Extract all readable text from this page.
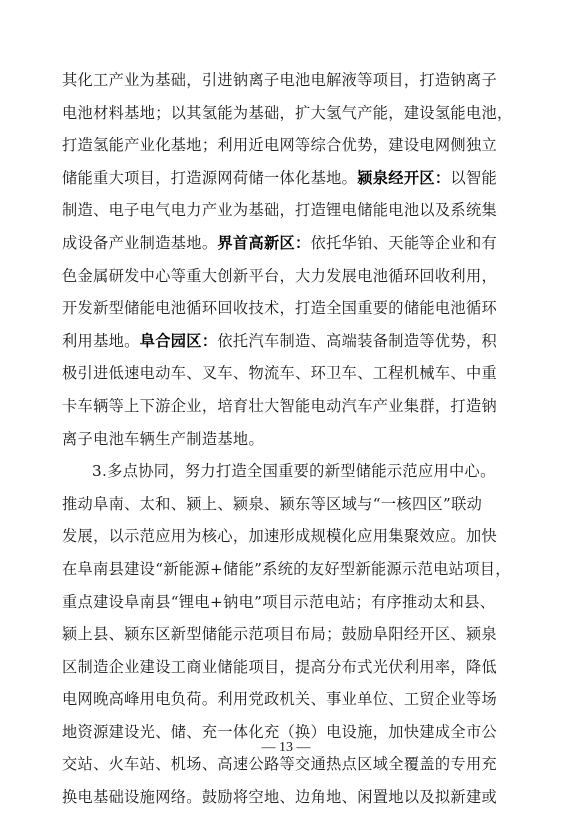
其化工产业为基础，引进钠离子电池电解液等项目，打造钠离子
电池材料基地；以其氢能为基础，扩大氢气产能，建设氢能电池，
打造氢能产业化基地；利用近电网等综合优势，建设电网侧独立
储能重大项目，打造源网荷储一体化基地。颍泉经开区：以智能
制造、电子电气电力产业为基础，打造锂电储能电池以及系统集
成设备产业制造基地。界首高新区：依托华铂、天能等企业和有
色金属研发中心等重大创新平台，大力发展电池循环回收利用，
开发新型储能电池循环回收技术，打造全国重要的储能电池循环
利用基地。阜合园区：依托汽车制造、高端装备制造等优势，积
极引进低速电动车、叉车、物流车、环卫车、工程机械车、中重
卡车辆等上下游企业，培育壮大智能电动汽车产业集群，打造钠
离子电池车辆生产制造基地。
3.多点协同，努力打造全国重要的新型储能示范应用中心。
推动阜南、太和、颍上、颍泉、颍东等区域与“一核四区”联动
发展，以示范应用为核心，加速形成规模化应用集聚效应。加快
在阜南县建设“新能源+储能”系统的友好型新能源示范电站项目，
重点建设阜南县“锂电+钠电”项目示范电站；有序推动太和县、
颍上县、颍东区新型储能示范项目布局；鼓励阜阳经开区、颍泉
区制造企业建设工商业储能项目，提高分布式光伏利用率，降低
电网晚高峰用电负荷。利用党政机关、事业单位、工贸企业等场
地资源建设光、储、充一体化充（换）电设施，加快建成全市公
交站、火车站、机场、高速公路等交通热点区域全覆盖的专用充
换电基础设施网络。鼓励将空地、边角地、闲置地以及拟新建或
— 13 —
